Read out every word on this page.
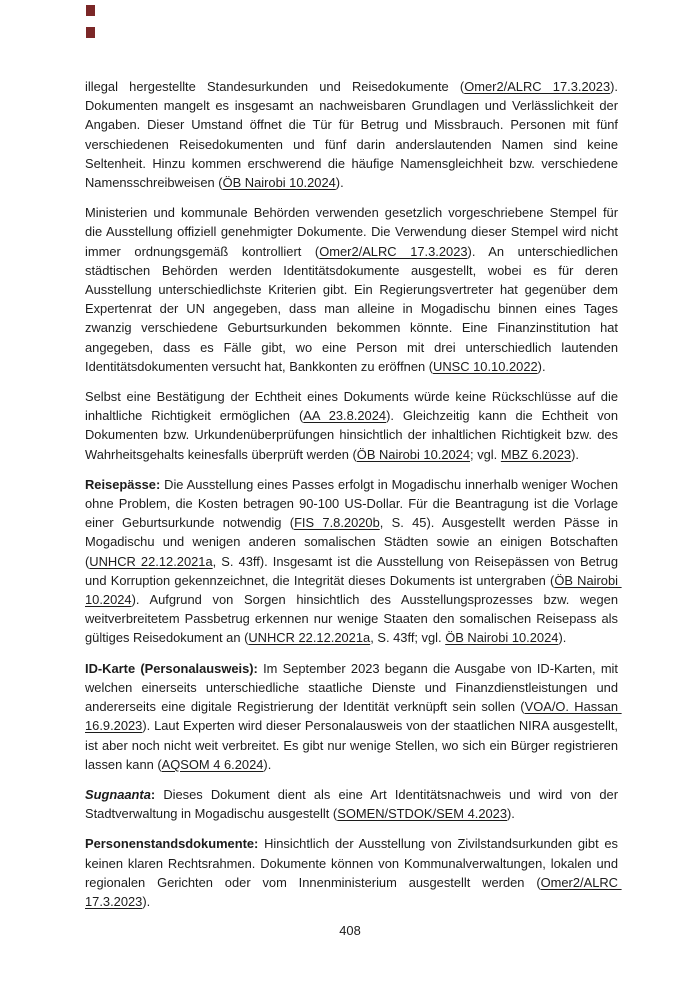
illegal hergestellte Standesurkunden und Reisedokumente (Omer2/ALRC 17.3.2023). Dokumenten mangelt es insgesamt an nachweisbaren Grundlagen und Verlässlichkeit der Angaben. Dieser Umstand öffnet die Tür für Betrug und Missbrauch. Personen mit fünf verschiedenen Reisedokumenten und fünf darin anderslautenden Namen sind keine Seltenheit. Hinzu kommen erschwerend die häufige Namensgleichheit bzw. verschiedene Namensschreibweisen (ÖB Nairobi 10.2024).

Ministerien und kommunale Behörden verwenden gesetzlich vorgeschriebene Stempel für die Ausstellung offiziell genehmigter Dokumente. Die Verwendung dieser Stempel wird nicht immer ordnungsgemäß kontrolliert (Omer2/ALRC 17.3.2023). An unterschiedlichen städtischen Behörden werden Identitätsdokumente ausgestellt, wobei es für deren Ausstellung unterschiedlichste Kriterien gibt. Ein Regierungsvertreter hat gegenüber dem Expertenrat der UN angegeben, dass man alleine in Mogadischu binnen eines Tages zwanzig verschiedene Geburtsurkunden bekommen könnte. Eine Finanzinstitution hat angegeben, dass es Fälle gibt, wo eine Person mit drei unterschiedlich lautenden Identitätsdokumenten versucht hat, Bankkonten zu eröffnen (UNSC 10.10.2022).

Selbst eine Bestätigung der Echtheit eines Dokuments würde keine Rückschlüsse auf die inhaltliche Richtigkeit ermöglichen (AA 23.8.2024). Gleichzeitig kann die Echtheit von Dokumenten bzw. Urkundenüberprüfungen hinsichtlich der inhaltlichen Richtigkeit bzw. des Wahrheitsgehalts keinesfalls überprüft werden (ÖB Nairobi 10.2024; vgl. MBZ 6.2023).

Reisepässe: Die Ausstellung eines Passes erfolgt in Mogadischu innerhalb weniger Wochen ohne Problem, die Kosten betragen 90-100 US-Dollar. Für die Beantragung ist die Vorlage einer Geburtsurkunde notwendig (FIS 7.8.2020b, S. 45). Ausgestellt werden Pässe in Mogadischu und wenigen anderen somalischen Städten sowie an einigen Botschaften (UNHCR 22.12.2021a, S. 43ff). Insgesamt ist die Ausstellung von Reisepässen von Betrug und Korruption gekennzeichnet, die Integrität dieses Dokuments ist untergraben (ÖB Nairobi 10.2024). Aufgrund von Sorgen hinsichtlich des Ausstellungsprozesses bzw. wegen weitverbreitetem Passbetrug erkennen nur wenige Staaten den somalischen Reisepass als gültiges Reisedokument an (UNHCR 22.12.2021a, S. 43ff; vgl. ÖB Nairobi 10.2024).

ID-Karte (Personalausweis): Im September 2023 begann die Ausgabe von ID-Karten, mit welchen einerseits unterschiedliche staatliche Dienste und Finanzdienstleistungen und andererseits eine digitale Registrierung der Identität verknüpft sein sollen (VOA/O. Hassan 16.9.2023). Laut Experten wird dieser Personalausweis von der staatlichen NIRA ausgestellt, ist aber noch nicht weit verbreitet. Es gibt nur wenige Stellen, wo sich ein Bürger registrieren lassen kann (AQSOM 4 6.2024).

Sugnaanta: Dieses Dokument dient als eine Art Identitätsnachweis und wird von der Stadtverwaltung in Mogadischu ausgestellt (SOMEN/STDOK/SEM 4.2023).

Personenstandsdokumente: Hinsichtlich der Ausstellung von Zivilstandsurkunden gibt es keinen klaren Rechtsrahmen. Dokumente können von Kommunalverwaltungen, lokalen und regionalen Gerichten oder vom Innenministerium ausgestellt werden (Omer2/ALRC 17.3.2023).

408
